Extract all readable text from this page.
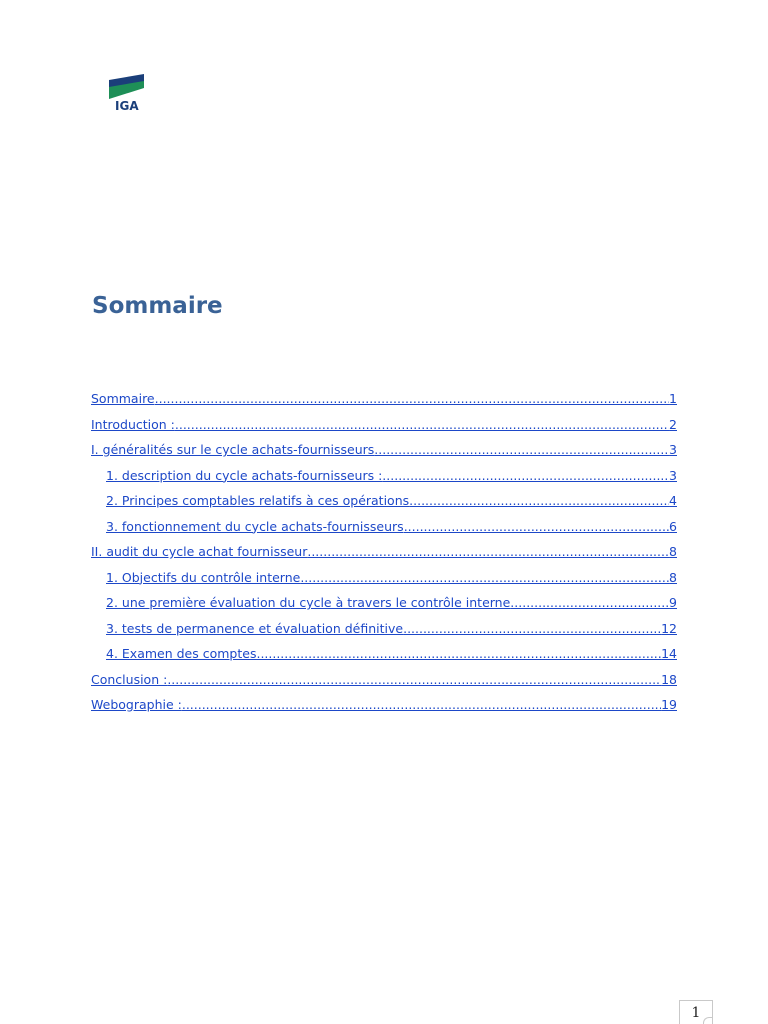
IGA
Sommaire
Sommaire .....	1
Introduction : .....	2
I. généralités sur le cycle achats-fournisseurs .....	3
1. description du cycle achats-fournisseurs : .....	3
2. Principes comptables relatifs à ces opérations .....	4
3. fonctionnement du cycle achats-fournisseurs .....	6
II. audit du cycle achat fournisseur .....	8
1. Objectifs du contrôle interne .....	8
2. une première évaluation du cycle à travers le contrôle interne .....	9
3. tests de permanence et évaluation définitive .....	12
4. Examen des comptes .....	14
Conclusion : .....	18
Webographie : .....	19
1
